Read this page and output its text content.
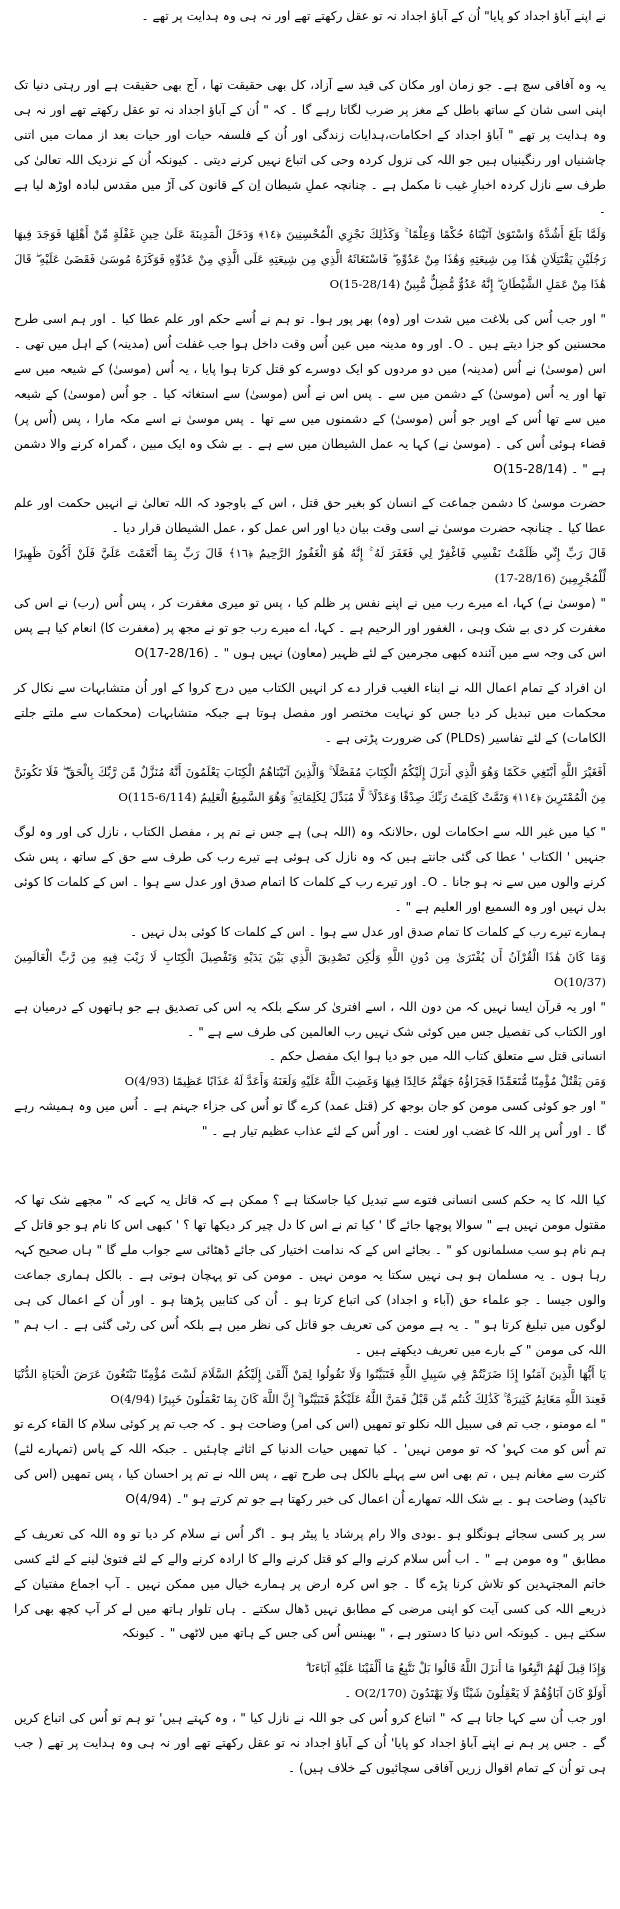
نے اپنے آباؤ اجداد کو پایا" اُن کے آباؤ اجداد نہ تو عقل رکھتے تھے اور نہ ہی وہ ہدایت پر تھے ۔

یہ وہ آفاقی سچ ہے۔ جو زمان اور مکان کی قید سے آزاد، کل بھی حقیقت تھا ، آج بھی حقیقت ہے اور رہتی دنیا تک اپنی اسی شان کے ساتھ باطل کے مغز پر ضرب لگاتا رہے گا ۔ کہ " اُن کے آباؤ اجداد نہ تو عقل رکھتے تھے اور نہ ہی وہ ہدایت پر تھے " آباؤ اجداد کے احکامات،ہدایات زندگی اور اُن کے فلسفہ حیات اور حیات بعد از ممات میں اتنی چاشنیاں اور رنگینیاں ہیں جو اللہ کی نزول کردہ وحی کی اتباع نہیں کرنے دیتی ۔ کیونکہ اُن کے نزدیک اللہ تعالیٰ کی طرف سے نازل کردہ اخبارِ غیب نا مکمل ہے ۔ چنانچہ عملِ شیطان اِن کے قانون کی آڑ میں مقدس لبادہ اوڑھ لیا ہے ۔

وَلَمَّا بَلَغَ أَشُدَّهُ وَاسْتَوَىٰ آتَيْنَاهُ حُكْمًا وَعِلْمًا ۚ وَكَذَٰلِكَ نَجْزِي الْمُحْسِنِينَ ﴿١٤﴾ وَدَخَلَ الْمَدِينَةَ عَلَىٰ حِينِ غَفْلَةٍ مِّنْ أَهْلِهَا فَوَجَدَ فِيهَا رَجُلَيْنِ يَقْتَتِلَانِ هَٰذَا مِن شِيعَتِهِ وَهَٰذَا مِنْ عَدُوِّهِ ۖ فَاسْتَغَاثَهُ الَّذِي مِن شِيعَتِهِ عَلَى الَّذِي مِنْ عَدُوِّهِ فَوَكَزَهُ مُوسَىٰ فَقَضَىٰ عَلَيْهِ ۖ قَالَ هَٰذَا مِنْ عَمَلِ الشَّيْطَانِ ۖ إِنَّهُ عَدُوٌّ مُّضِلٌّ مُّبِينٌ (28/14-15)O

" اور جب اُس کی بلاغت میں شدت اور (وہ) بھر پور ہوا۔ تو ہم نے اُسے حکم اور علم عطا کیا ۔ اور ہم اسی طرح محسنین کو جزا دیتے ہیں ۔ O۔ اور وہ مدینہ میں عین اُس وقت داخل ہوا جب غفلت اُس (مدینہ) کے اہل میں تھی ۔ اس (موسیٰ) نے اُس (مدینہ) میں دو مردوں کو ایک دوسرے کو قتل کرتا ہوا پایا ، یہ اُس (موسیٰ) کے شیعہ میں سے تھا اور یہ اُس (موسیٰ) کے دشمن میں سے ۔ پس اس نے اُس (موسیٰ) سے استغاثہ کیا ۔ جو اُس (موسیٰ) کے شیعہ میں سے تھا اُس کے اوپر جو اُس (موسیٰ) کے دشمنوں میں سے تھا ۔ پس موسیٰ نے اسے مکہ مارا ، پس (اُس پر) قضاء ہوئی اُس کی ۔ (موسیٰ نے) کہا یہ عمل الشیطان میں سے ہے ۔ بے شک وہ ایک مبین ، گمراہ کرنے والا دشمن ہے " ۔ (28/14-15)O

حضرت موسیٰ کا دشمن جماعت کے انسان کو بغیر حق قتل ، اس کے باوجود کہ اللہ تعالیٰ نے انہیں حکمت اور علم عطا کیا ۔ چنانچہ حضرت موسیٰ نے اسی وقت بیان دیا اور اس عمل کو ، عمل الشیطان قرار دیا ۔

قَالَ رَبِّ إِنِّي ظَلَمْتُ نَفْسِي فَاغْفِرْ لِي فَغَفَرَ لَهُ ۚ إِنَّهُ هُوَ الْغَفُورُ الرَّحِيمُ ﴿١٦﴾ قَالَ رَبِّ بِمَا أَنْعَمْتَ عَلَيَّ فَلَنْ أَكُونَ ظَهِيرًا لِّلْمُجْرِمِينَ (28/16-17)

" (موسیٰ نے) کہا، اے میرے رب میں نے اپنے نفس پر ظلم کیا ، پس تو میری مغفرت کر ، پس اُس (رب) نے اس کی مغفرت کر دی بے شک وہی ، الغفور اور الرحیم ہے ۔ کہا، اے میرے رب جو تو نے مجھ پر (مغفرت کا) انعام کیا ہے پس اس کی وجہ سے میں آئندہ کبھی مجرمین کے لئے ظہیر (معاون) نہیں ہوں " ۔ (28/16-17)O

ان افراد کے تمام اعمال اللہ نے ابناء الغیب قرار دے کر انہیں الکتاب میں درج کروا کے اور اُن متشابہات سے نکال کر محکمات میں تبدیل کر دیا جس کو نہایت مختصر اور مفصل ہوتا ہے جبکہ متشابہات (محکمات سے ملتے جلتے الکامات) کے لئے تفاسیر (PLDs) کی ضرورت پڑتی ہے ۔

أَفَغَيْرَ اللَّهِ أَبْتَغِي حَكَمًا وَهُوَ الَّذِي أَنزَلَ إِلَيْكُمُ الْكِتَابَ مُفَصَّلًا ۚ وَالَّذِينَ آتَيْنَاهُمُ الْكِتَابَ يَعْلَمُونَ أَنَّهُ مُنَزَّلٌ مِّن رَّبِّكَ بِالْحَقِّ ۖ فَلَا تَكُونَنَّ مِنَ الْمُمْتَرِينَ ﴿١١٤﴾ وَتَمَّتْ كَلِمَتُ رَبِّكَ صِدْقًا وَعَدْلًا ۚ لَّا مُبَدِّلَ لِكَلِمَاتِهِ ۚ وَهُوَ السَّمِيعُ الْعَلِيمُ (6/114-115)O

" کیا میں غیر اللہ سے احکامات لوں ،حالانکہ وہ (اللہ ہی) ہے جس نے تم پر ، مفصل الکتاب ، نازل کی اور وہ لوگ جنہیں ' الکتاب ' عطا کی گئی جانتے ہیں کہ وہ نازل کی ہوئی ہے تیرے رب کی طرف سے حق کے ساتھ ، پس شک کرنے والوں میں سے نہ ہو جانا ۔ O۔ اور تیرے رب کے کلمات کا اتمام صدق اور عدل سے ہوا ۔ اس کے کلمات کا کوئی بدل نہیں اور وہ السمیع اور العلیم ہے " ۔

ہمارے تیرے رب کے کلمات کا تمام صدق اور عدل سے ہوا ۔ اس کے کلمات کا کوئی بدل نہیں ۔

وَمَا كَانَ هَٰذَا الْقُرْآنُ أَن يُفْتَرَىٰ مِن دُونِ اللَّهِ وَلَٰكِن تَصْدِيقَ الَّذِي بَيْنَ يَدَيْهِ وَتَفْصِيلَ الْكِتَابِ لَا رَيْبَ فِيهِ مِن رَّبِّ الْعَالَمِينَ (10/37)O

" اور یہ قرآن ایسا نہیں کہ من دون اللہ ، اسے افتریٰ کر سکے بلکہ یہ اس کی تصدیق ہے جو ہاتھوں کے درمیان ہے اور الکتاب کی تفصیل جس میں کوئی شک نہیں رب العالمین کی طرف سے ہے " ۔

انسانی قتل سے متعلق کتاب اللہ میں جو دیا ہوا ایک مفصل حکم ۔

وَمَن يَقْتُلْ مُؤْمِنًا مُّتَعَمِّدًا فَجَزَاؤُهُ جَهَنَّمُ خَالِدًا فِيهَا وَغَضِبَ اللَّهُ عَلَيْهِ وَلَعَنَهُ وَأَعَدَّ لَهُ عَذَابًا عَظِيمًا (4/93)O

" اور جو کوئی کسی مومن کو جان بوجھ کر (قتل عمد) کرے گا تو اُس کی جزاء جہنم ہے ۔ اُس میں وہ ہمیشہ رہے گا ۔ اور اُس پر اللہ کا غضب اور لعنت ۔ اور اُس کے لئے عذاب عظیم تیار ہے ۔ "

کیا اللہ کا یہ حکم کسی انسانی فتوے سے تبدیل کیا جاسکتا ہے ؟ ممکن ہے کہ قاتل یہ کہے کہ " مجھے شک تھا کہ مقتول مومن نہیں ہے " سوالا پوچھا جائے گا ' کیا تم نے اس کا دل چیر کر دیکھا تھا ؟ ' کبھی اس کا نام ہو جو قاتل کے ہم نام ہو سب مسلمانوں کو " ۔ بجائے اس کے کہ ندامت اختیار کی جائے ڈھٹائی سے جواب ملے گا " ہاں صحیح کہہ رہا ہوں ۔ یہ مسلمان ہو ہی نہیں سکتا یہ مومن نہیں ۔ مومن کی تو پہچان ہوتی ہے ۔ بالکل ہماری جماعت والوں جیسا ۔ جو علماء حق (آباء و اجداد) کی اتباع کرتا ہو ۔ اُن کی کتابیں پڑھتا ہو ۔ اور اُن کے اعمال کی ہی لوگوں میں تبلیغ کرتا ہو " ۔ یہ ہے مومن کی تعریف جو قاتل کی نظر میں ہے بلکہ اُس کی رٹی گئی ہے ۔ اب ہم " اللہ کی مومن " کے بارے میں تعریف دیکھتے ہیں ۔

يَا أَيُّهَا الَّذِينَ آمَنُوا إِذَا ضَرَبْتُمْ فِي سَبِيلِ اللَّهِ فَتَبَيَّنُوا وَلَا تَقُولُوا لِمَنْ أَلْقَىٰ إِلَيْكُمُ السَّلَامَ لَسْتَ مُؤْمِنًا تَبْتَغُونَ عَرَضَ الْحَيَاةِ الدُّنْيَا فَعِندَ اللَّهِ مَغَانِمُ كَثِيرَةٌ ۚ كَذَٰلِكَ كُنتُم مِّن قَبْلُ فَمَنَّ اللَّهُ عَلَيْكُمْ فَتَبَيَّنُوا ۚ إِنَّ اللَّهَ كَانَ بِمَا تَعْمَلُونَ خَبِيرًا (4/94)O

" اے مومنو ، جب تم فی سبیل اللہ نکلو تو تمھیں (اس کی امر) وضاحت ہو ۔ کہ جب تم پر کوئی سلام کا القاء کرے تو تم اُس کو مت کہو' کہ تو مومن نہیں' ۔ کیا تمھیں حیات الدنیا کے اثاثے چاہئیں ۔ جبکہ اللہ کے پاس (تمہارے لئے) کثرت سے مغانم ہیں ، تم بھی اس سے پہلے بالکل ہی طرح تھے ، پس اللہ نے تم پر احسان کیا ، پس تمھیں (اس کی تاکید) وضاحت ہو ۔ بے شک اللہ تمھارے اُن اعمال کی خبر رکھتا ہے جو تم کرتے ہو "۔ (4/94)O

سر پر کسی سجائے ہونگلو ہو ۔بودی والا رام پرشاد یا پیٹر ہو ۔ اگر اُس نے سلام کر دیا تو وہ اللہ کی تعریف کے مطابق " وہ مومن ہے " ۔ اب اُس سلام کرنے والے کو قتل کرنے والے کا ارادہ کرنے والے کے لئے فتویٰ لینے کے لئے کسی خاتم المجتہدین کو تلاش کرنا پڑے گا ۔ جو اس کرہ ارض پر ہمارے خیال میں ممکن نہیں ۔ آپ اجماع مفتیان کے ذریعے اللہ کی کسی آیت کو اپنی مرضی کے مطابق نہیں ڈھال سکتے ۔ ہاں تلوار ہاتھ میں لے کر آپ کچھ بھی کرا سکتے ہیں ۔ کیونکہ اس دنیا کا دستور ہے ، " بھینس اُس کی جس کے ہاتھ میں لاٹھی " ۔ کیونکہ

وَإِذَا قِيلَ لَهُمُ اتَّبِعُوا مَا أَنزَلَ اللَّهُ قَالُوا بَلْ نَتَّبِعُ مَا أَلْفَيْنَا عَلَيْهِ آبَاءَنَا ۗ

أَوَلَوْ كَانَ آبَاؤُهُمْ لَا يَعْقِلُونَ شَيْئًا وَلَا يَهْتَدُونَ (2/170)O ۔

اور جب اُن سے کہا جاتا ہے کہ " اتباع کرو اُس کی جو اللہ نے نازل کیا " ، وہ کہتے ہیں' تو ہم تو اُس کی اتباع کریں گے ۔ جس پر ہم نے اپنے آباؤ اجداد کو پایا' اُن کے آباؤ اجداد نہ تو عقل رکھتے تھے اور نہ ہی وہ ہدایت پر تھے ( جب ہی تو اُن کے تمام اقوال زریں آفاقی سچائیوں کے خلاف ہیں) ۔
